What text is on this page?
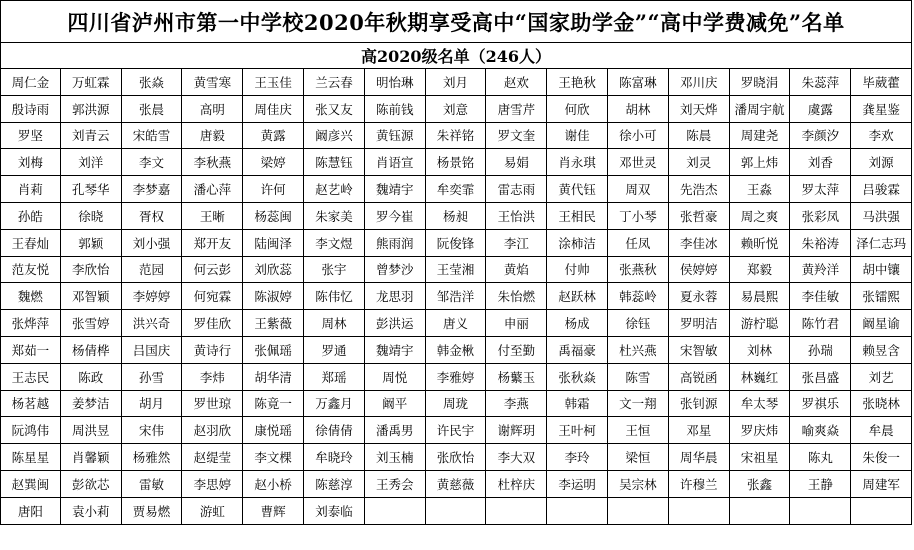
四川省泸州市第一中学校2020年秋期享受高中“国家助学金”“高中学费减免”名单
高2020级名单（246人）
周仁金	万虹霖	张焱	黄雪寒	王玉佳	兰云春	明怡琳	刘月	赵欢	王艳秋	陈富琳	邓川庆	罗晓涓	朱蕊萍	毕葳藿
殷诗雨	郭洪源	张晨	高明	周佳庆	张又友	陈前钱	刘意	唐雪芹	何欣	胡林	刘天烨	潘周宇航	虞露	龚星鉴
罗坚	刘青云	宋皓雪	唐毅	黄露	阚彦兴	黄钰源	朱祥铭	罗文奎	谢佳	徐小可	陈晨	周建尧	李颜汐	李欢
刘梅	刘洋	李文	李秋燕	梁婷	陈慧钰	肖语宣	杨景铭	易娟	肖永琪	邓世灵	刘灵	郭上炜	刘香	刘源
肖莉	孔琴华	李梦嘉	潘心萍	许何	赵艺岭	魏靖宇	牟奕霏	雷志雨	黄代钰	周双	先浩杰	王淼	罗太萍	吕骏霖
孙皓	徐晓	胥权	王晰	杨蕊闽	朱家美	罗今崔	杨昶	王怡洪	王相民	丁小琴	张哲豪	周之爽	张彩凤	马洪强
王春灿	郭颖	刘小强	郑开友	陆闽泽	李文煜	熊雨润	阮俊锋	李江	涂柿洁	任凤	李佳冰	赖昕悦	朱裕涛	泽仁志玛
范友悦	李欣怡	范园	何云彭	刘欣蕊	张宇	曾梦沙	王莹湘	黄焰	付帅	张燕秋	侯婷婷	郑毅	黄羚洋	胡中镶
魏燃	邓智颖	李婷婷	何宛霖	陈淑婷	陈伟忆	龙思羽	邹浩洋	朱怡燃	赵跃林	韩蕊岭	夏永蓉	易晨熙	李佳敏	张镭熙
张烨萍	张雪婷	洪兴奇	罗佳欣	王紫薇	周林	彭洪运	唐义	申丽	杨成	徐钰	罗明洁	游柠聪	陈竹君	阚星谕
郑茹一	杨倩桦	吕国庆	黄诗行	张佩瑶	罗通	魏靖宇	韩金楸	付至勤	禹福豪	杜兴燕	宋智敏	刘林	孙瑞	赖昱含
王志民	陈政	孙雪	李炜	胡华清	郑瑶	周悦	李雅婷	杨蘩玉	张秋焱	陈雪	高锐函	林巍红	张昌盛	刘艺
杨茗越	姜梦洁	胡月	罗世琼	陈竟一	万鑫月	阚平	周珑	李燕	韩霜	文一翔	张钊源	牟太琴	罗祺乐	张晓林
阮鸿伟	周洪昱	宋伟	赵羽欣	康悦瑶	徐倩倩	潘禹男	许民宇	谢辉玥	王叶柯	王恒	邓星	罗庆炜	喻爽焱	牟晨
陈星星	肖馨颖	杨雅然	赵缇莹	李文棵	牟晓玲	刘玉楠	张欣怡	李大双	李玲	梁恒	周华晨	宋祖星	陈丸	朱俊一
赵巽闽	彭欲芯	雷敏	李思婷	赵小桥	陈慈淳	王秀会	黄慈薇	杜梓庆	李运明	吴宗林	许穆兰	张鑫	王静	周建军
唐阳	袁小莉	贾易燃	游虹	曹辉	刘泰临
